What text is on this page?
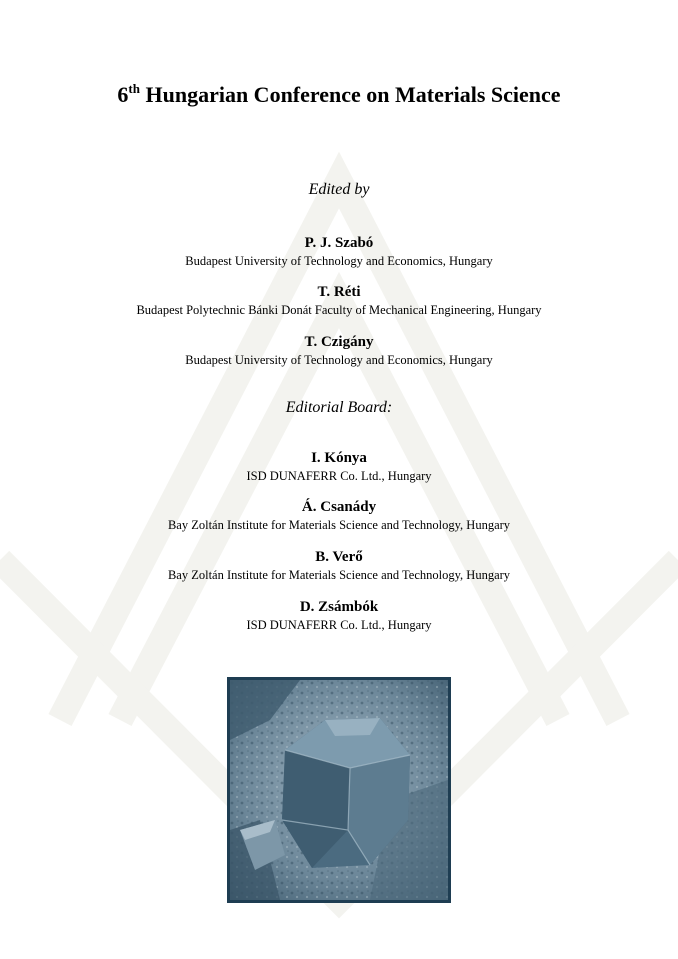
6th Hungarian Conference on Materials Science
Edited by
P. J. Szabó
Budapest University of Technology and Economics, Hungary
T. Réti
Budapest Polytechnic Bánki Donát Faculty of Mechanical Engineering, Hungary
T. Czigány
Budapest University of Technology and Economics, Hungary
Editorial Board:
I. Kónya
ISD DUNAFERR Co. Ltd., Hungary
Á. Csanády
Bay Zoltán Institute for Materials Science and Technology, Hungary
B. Verő
Bay Zoltán Institute for Materials Science and Technology, Hungary
D. Zsámbók
ISD DUNAFERR Co. Ltd., Hungary
